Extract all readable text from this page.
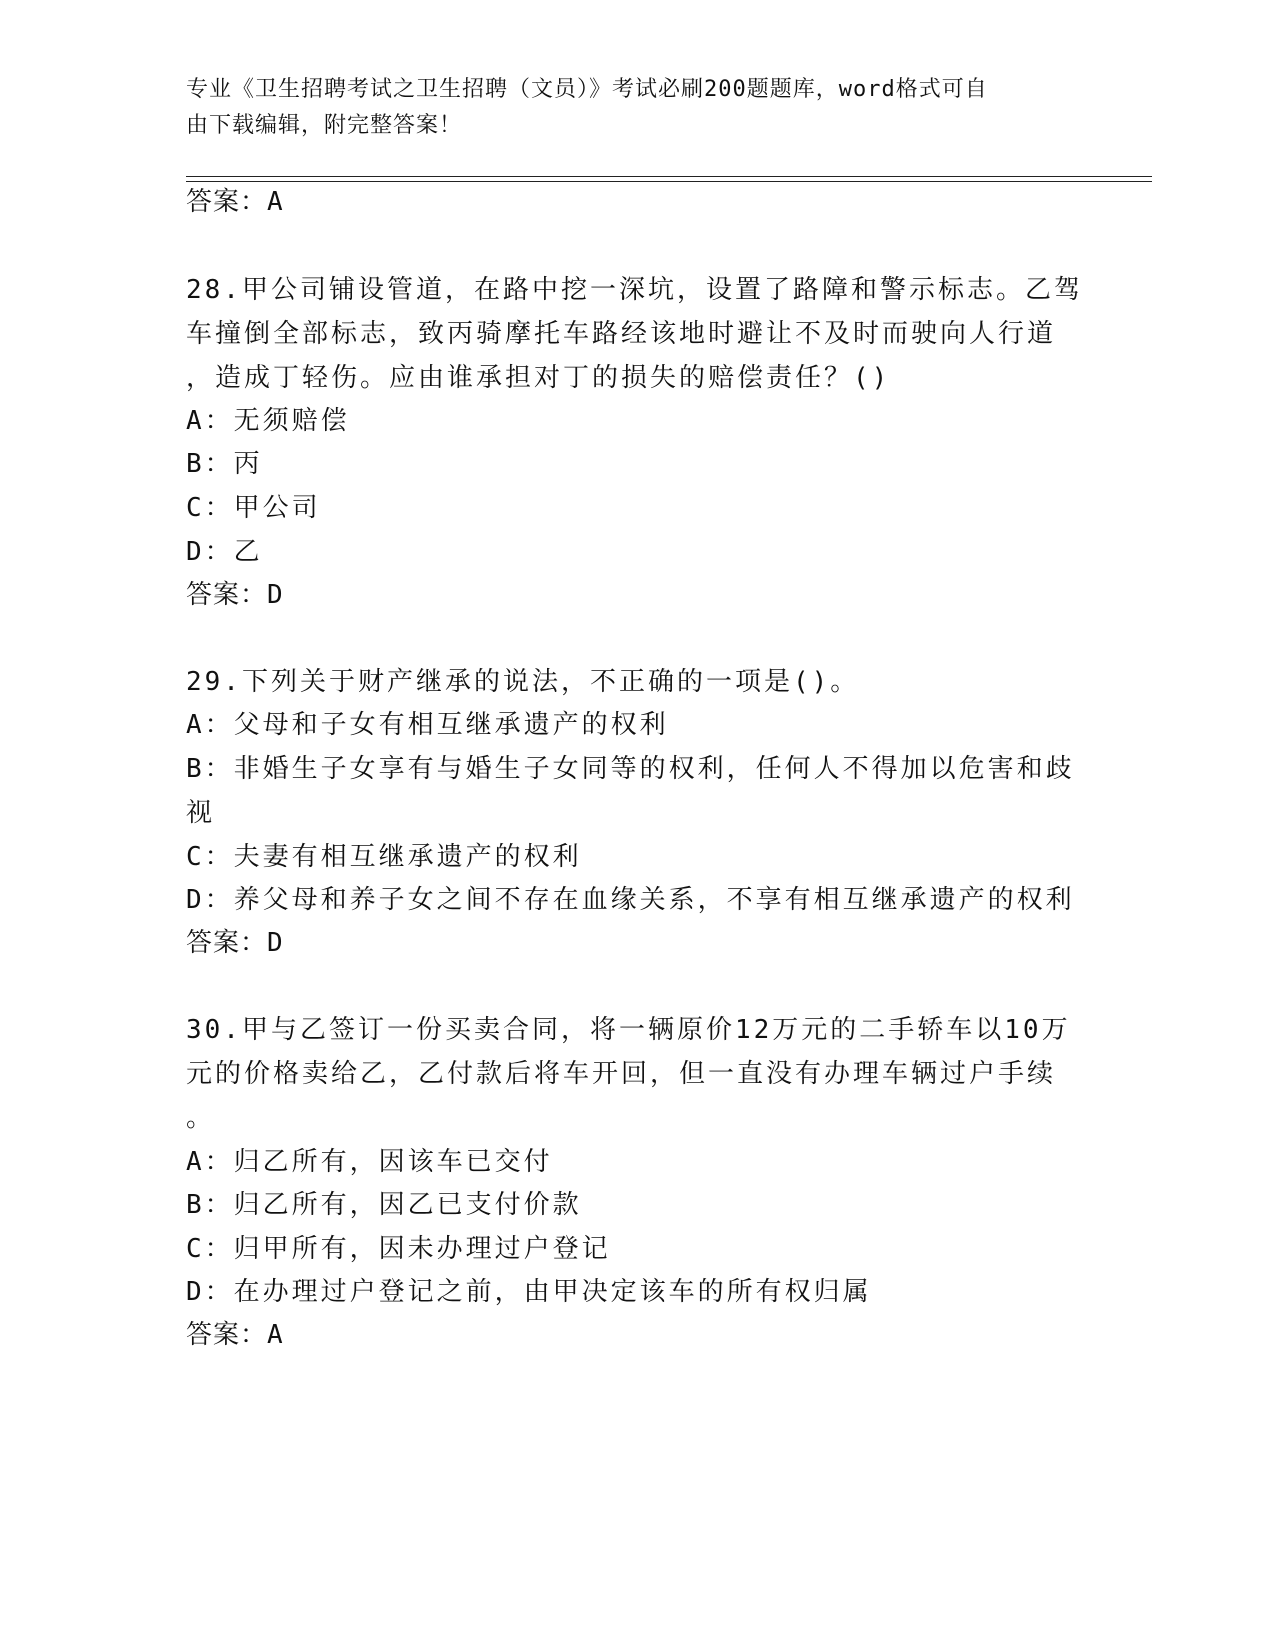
专业《卫生招聘考试之卫生招聘（文员）》考试必刷200题题库，word格式可自
由下载编辑，附完整答案！
答案：A
28.甲公司铺设管道，在路中挖一深坑，设置了路障和警示标志。乙驾
车撞倒全部标志，致丙骑摩托车路经该地时避让不及时而驶向人行道
，造成丁轻伤。应由谁承担对丁的损失的赔偿责任？()
A：无须赔偿
B：丙
C：甲公司
D：乙
答案：D
29.下列关于财产继承的说法，不正确的一项是()。
A：父母和子女有相互继承遗产的权利
B：非婚生子女享有与婚生子女同等的权利，任何人不得加以危害和歧
视
C：夫妻有相互继承遗产的权利
D：养父母和养子女之间不存在血缘关系，不享有相互继承遗产的权利
答案：D
30.甲与乙签订一份买卖合同，将一辆原价12万元的二手轿车以10万
元的价格卖给乙，乙付款后将车开回，但一直没有办理车辆过户手续
。
A：归乙所有，因该车已交付
B：归乙所有，因乙已支付价款
C：归甲所有，因未办理过户登记
D：在办理过户登记之前，由甲决定该车的所有权归属
答案：A
